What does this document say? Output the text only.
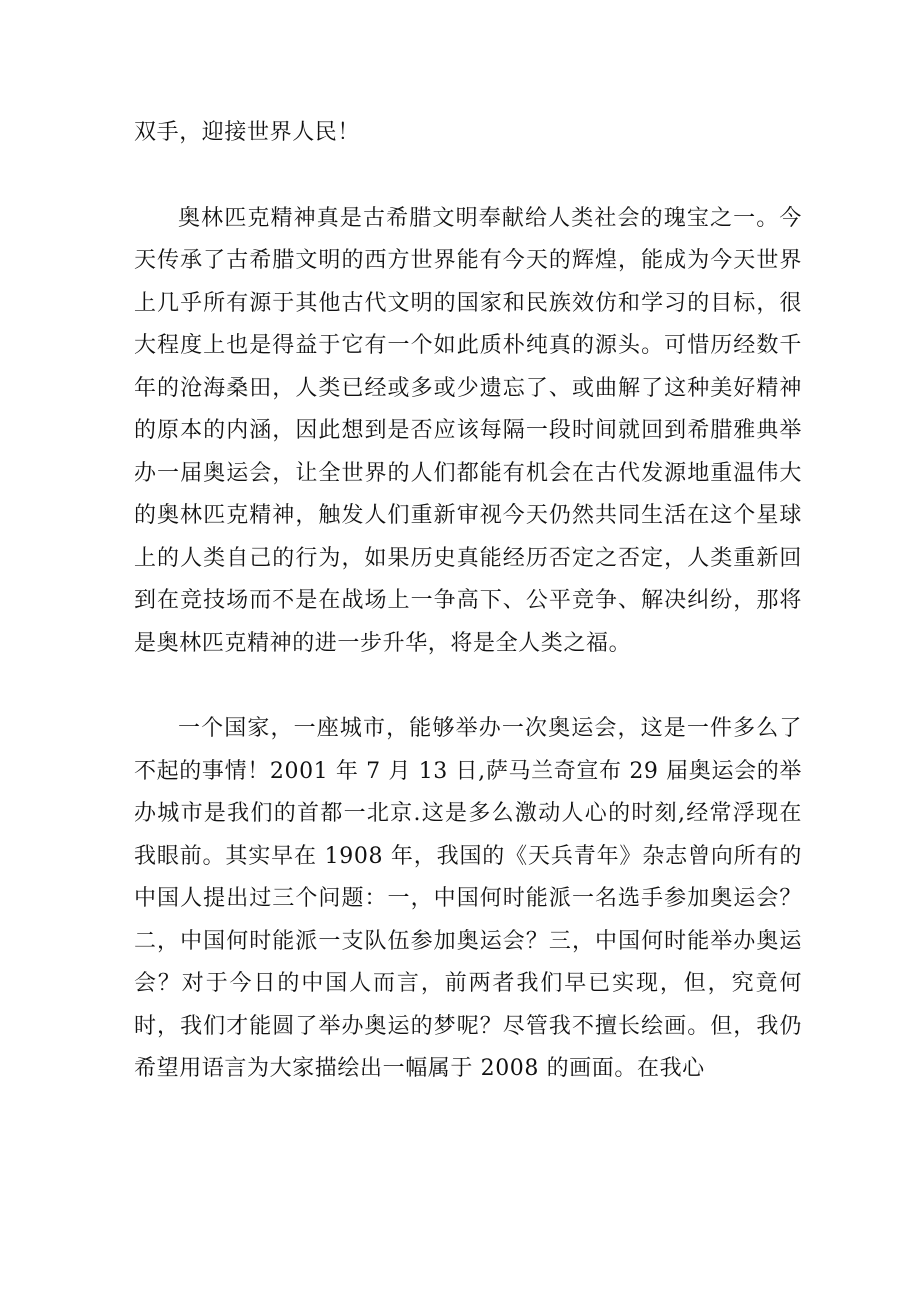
双手，迎接世界人民！

奥林匹克精神真是古希腊文明奉献给人类社会的瑰宝之一。今天传承了古希腊文明的西方世界能有今天的辉煌，能成为今天世界上几乎所有源于其他古代文明的国家和民族效仿和学习的目标，很大程度上也是得益于它有一个如此质朴纯真的源头。可惜历经数千年的沧海桑田，人类已经或多或少遗忘了、或曲解了这种美好精神的原本的内涵，因此想到是否应该每隔一段时间就回到希腊雅典举办一届奥运会，让全世界的人们都能有机会在古代发源地重温伟大的奥林匹克精神，触发人们重新审视今天仍然共同生活在这个星球上的人类自己的行为，如果历史真能经历否定之否定，人类重新回到在竞技场而不是在战场上一争高下、公平竞争、解决纠纷，那将是奥林匹克精神的进一步升华，将是全人类之福。

一个国家，一座城市，能够举办一次奥运会，这是一件多么了不起的事情！2001 年 7 月 13 日,萨马兰奇宣布 29 届奥运会的举办城市是我们的首都一北京.这是多么激动人心的时刻,经常浮现在我眼前。其实早在 1908 年，我国的《天兵青年》杂志曾向所有的中国人提出过三个问题：一，中国何时能派一名选手参加奥运会？二，中国何时能派一支队伍参加奥运会？三，中国何时能举办奥运会？对于今日的中国人而言，前两者我们早已实现，但，究竟何时，我们才能圆了举办奥运的梦呢？尽管我不擅长绘画。但，我仍希望用语言为大家描绘出一幅属于 2008 的画面。在我心
